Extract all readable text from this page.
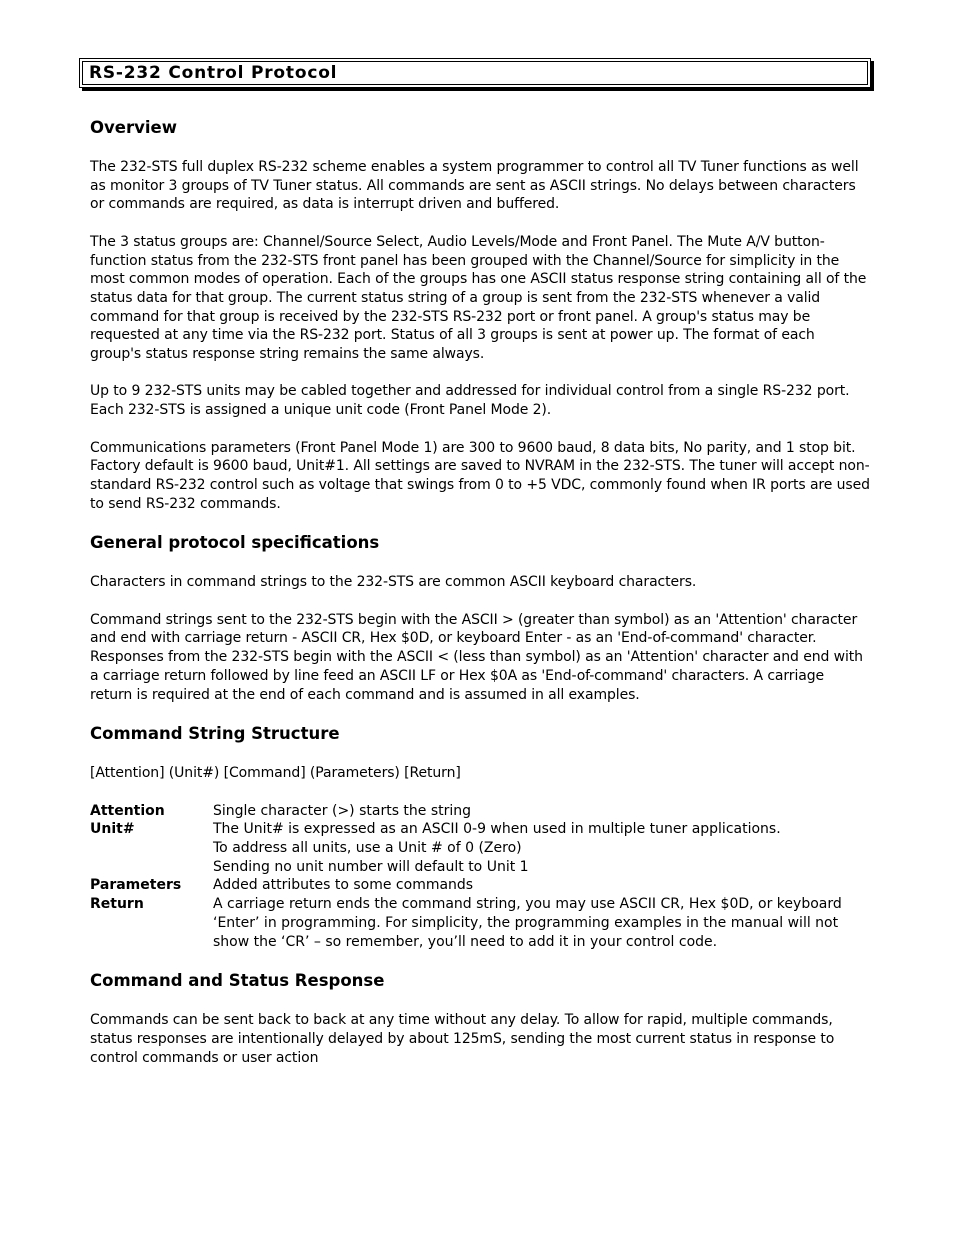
RS-232 Control Protocol
Overview

The 232-STS full duplex RS-232 scheme enables a system programmer to control all TV Tuner functions as well as monitor 3 groups of TV Tuner status. All commands are sent as ASCII strings. No delays between characters or commands are required, as data is interrupt driven and buffered.

The 3 status groups are: Channel/Source Select, Audio Levels/Mode and Front Panel. The Mute A/V button-function status from the 232-STS front panel has been grouped with the Channel/Source for simplicity in the most common modes of operation. Each of the groups has one ASCII status response string containing all of the status data for that group. The current status string of a group is sent from the 232-STS whenever a valid command for that group is received by the 232-STS RS-232 port or front panel. A group's status may be requested at any time via the RS-232 port. Status of all 3 groups is sent at power up. The format of each group's status response string remains the same always.

Up to 9 232-STS units may be cabled together and addressed for individual control from a single RS-232 port. Each 232-STS is assigned a unique unit code (Front Panel Mode 2).

Communications parameters (Front Panel Mode 1) are 300 to 9600 baud, 8 data bits, No parity, and 1 stop bit. Factory default is 9600 baud, Unit#1. All settings are saved to NVRAM in the 232-STS. The tuner will accept non-standard RS-232 control such as voltage that swings from 0 to +5 VDC, commonly found when IR ports are used to send RS-232 commands.

General protocol specifications

Characters in command strings to the 232-STS are common ASCII keyboard characters.

Command strings sent to the 232-STS begin with the ASCII > (greater than symbol) as an 'Attention' character and end with carriage return - ASCII CR, Hex $0D, or keyboard Enter - as an 'End-of-command' character. Responses from the 232-STS begin with the ASCII < (less than symbol) as an 'Attention' character and end with a carriage return followed by line feed an ASCII LF or Hex $0A as 'End-of-command' characters. A carriage return is required at the end of each command and is assumed in all examples.

Command String Structure

[Attention] (Unit#) [Command] (Parameters) [Return]

Attention	Single character (>) starts the string
Unit#	The Unit# is expressed as an ASCII 0-9 when used in multiple tuner applications.
To address all units, use a Unit # of 0 (Zero)
Sending no unit number will default to Unit 1
Parameters	Added attributes to some commands
Return	A carriage return ends the command string, you may use ASCII CR, Hex $0D, or keyboard ‘Enter’ in programming. For simplicity, the programming examples in the manual will not show the ‘CR’ – so remember, you’ll need to add it in your control code.
Command and Status Response

Commands can be sent back to back at any time without any delay. To allow for rapid, multiple commands, status responses are intentionally delayed by about 125mS, sending the most current status in response to control commands or user action
